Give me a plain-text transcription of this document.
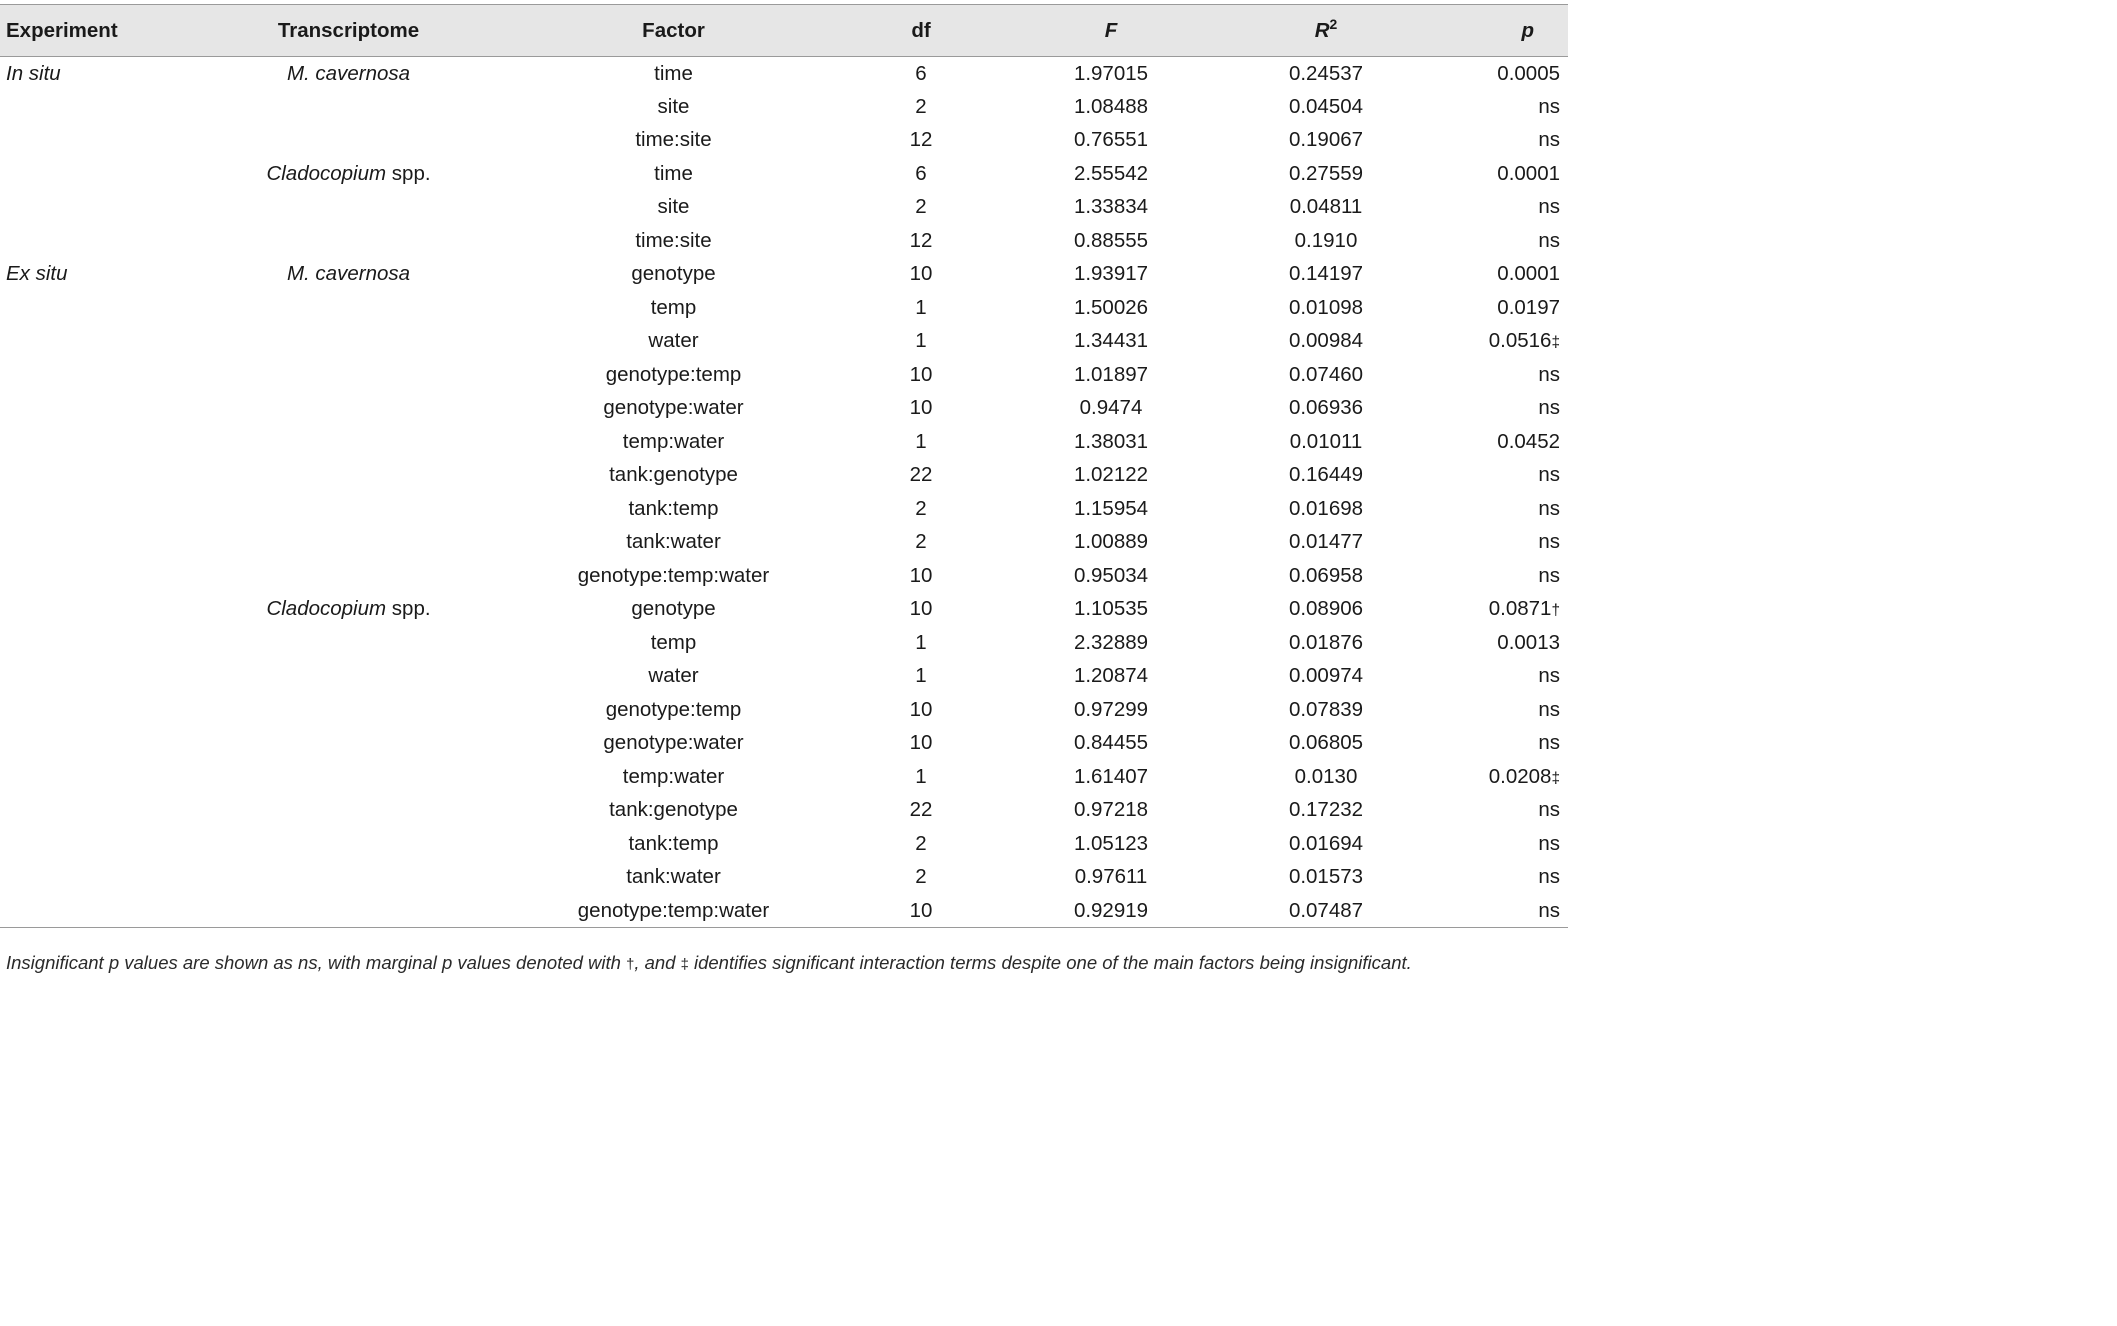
Experiment	Transcriptome	Factor	df	F	$R^2$	p
In situ	M. cavernosa	time	6	1.97015	0.24537	0.0005
		site	2	1.08488	0.04504	ns
		time:site	12	0.76551	0.19067	ns
	Cladocopium spp.	time	6	2.55542	0.27559	0.0001
		site	2	1.33834	0.04811	ns
		time:site	12	0.88555	0.1910	ns
Ex situ	M. cavernosa	genotype	10	1.93917	0.14197	0.0001
		temp	1	1.50026	0.01098	0.0197
		water	1	1.34431	0.00984	0.0516‡
		genotype:temp	10	1.01897	0.07460	ns
		genotype:water	10	0.9474	0.06936	ns
		temp:water	1	1.38031	0.01011	0.0452
		tank:genotype	22	1.02122	0.16449	ns
		tank:temp	2	1.15954	0.01698	ns
		tank:water	2	1.00889	0.01477	ns
		genotype:temp:water	10	0.95034	0.06958	ns
	Cladocopium spp.	genotype	10	1.10535	0.08906	0.0871†
		temp	1	2.32889	0.01876	0.0013
		water	1	1.20874	0.00974	ns
		genotype:temp	10	0.97299	0.07839	ns
		genotype:water	10	0.84455	0.06805	ns
		temp:water	1	1.61407	0.0130	0.0208‡
		tank:genotype	22	0.97218	0.17232	ns
		tank:temp	2	1.05123	0.01694	ns
		tank:water	2	0.97611	0.01573	ns
		genotype:temp:water	10	0.92919	0.07487	ns
Insignificant p values are shown as ns, with marginal p values denoted with †, and ‡ identifies significant interaction terms despite one of the main factors being insignificant.
